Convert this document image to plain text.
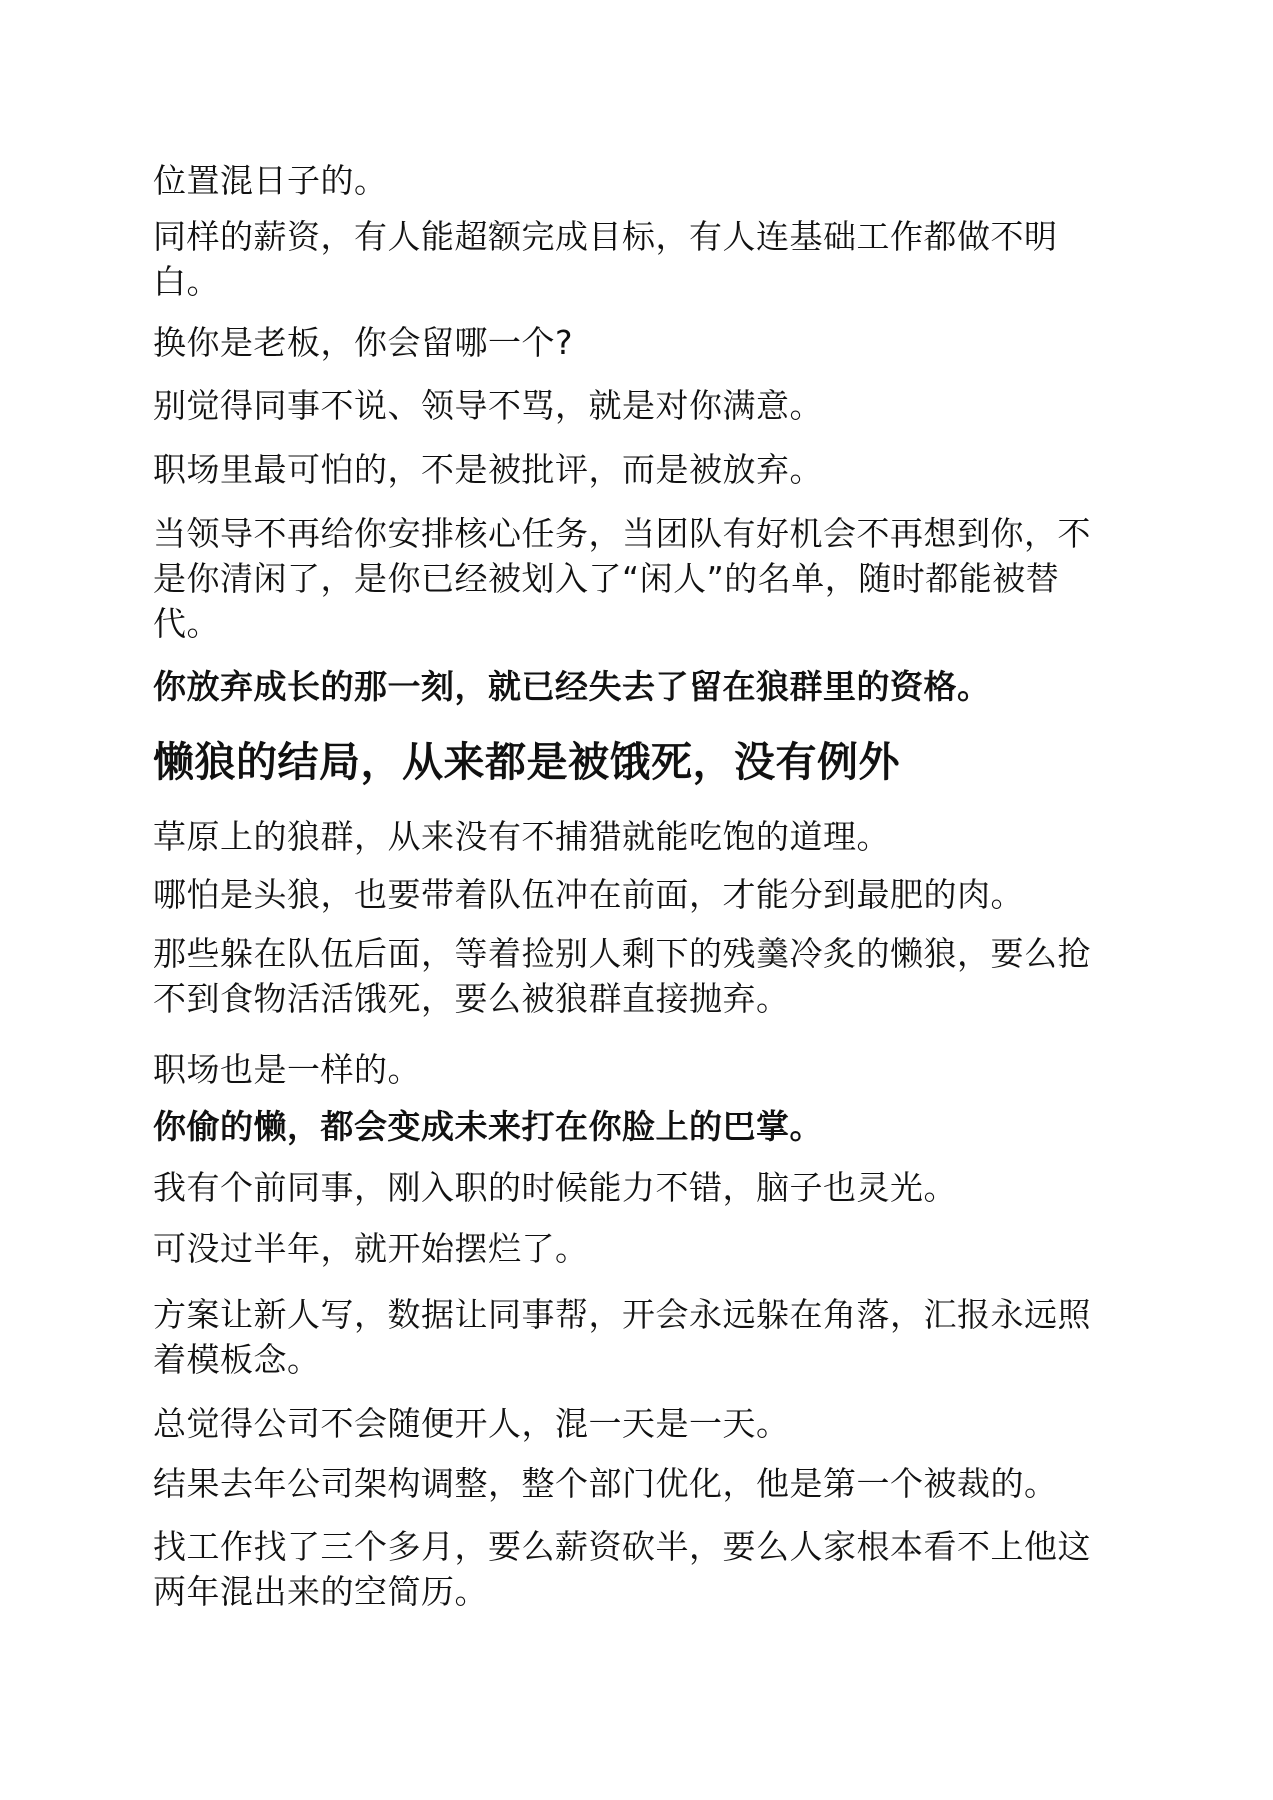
位置混日子的。

同样的薪资，有人能超额完成目标，有人连基础工作都做不明白。

换你是老板，你会留哪一个?

别觉得同事不说、领导不骂，就是对你满意。

职场里最可怕的，不是被批评，而是被放弃。

当领导不再给你安排核心任务，当团队有好机会不再想到你，不是你清闲了，是你已经被划入了“闲人”的名单，随时都能被替代。

你放弃成长的那一刻，就已经失去了留在狼群里的资格。

懒狼的结局，从来都是被饿死，没有例外

草原上的狼群，从来没有不捕猎就能吃饱的道理。

哪怕是头狼，也要带着队伍冲在前面，才能分到最肥的肉。

那些躲在队伍后面，等着捡别人剩下的残羹冷炙的懒狼，要么抢不到食物活活饿死，要么被狼群直接抛弃。

职场也是一样的。

你偷的懒，都会变成未来打在你脸上的巴掌。

我有个前同事，刚入职的时候能力不错，脑子也灵光。

可没过半年，就开始摆烂了。

方案让新人写，数据让同事帮，开会永远躲在角落，汇报永远照着模板念。

总觉得公司不会随便开人，混一天是一天。

结果去年公司架构调整，整个部门优化，他是第一个被裁的。

找工作找了三个多月，要么薪资砍半，要么人家根本看不上他这两年混出来的空简历。
